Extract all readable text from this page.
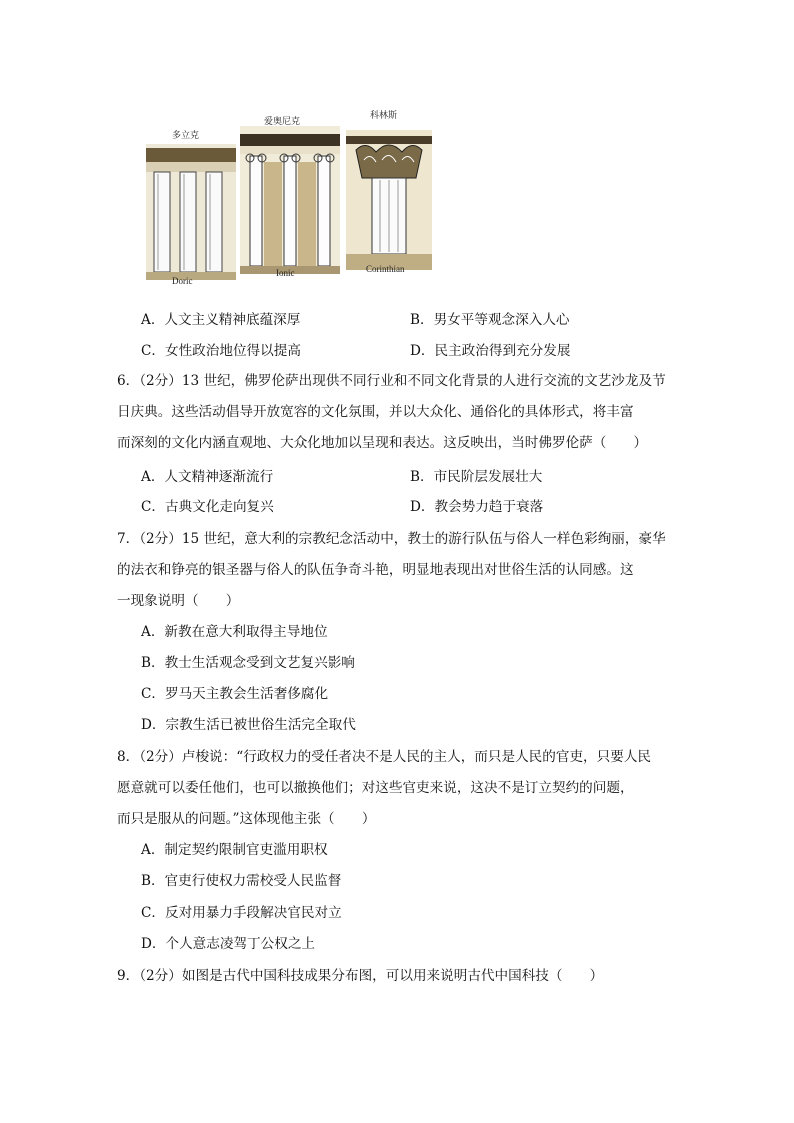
多立克
Doric
爱奥尼克
Ionic
科林斯
Corinthian
A．人文主义精神底蕴深厚	B．男女平等观念深入人心
C．女性政治地位得以提高	D．民主政治得到充分发展
6．（2分）13 世纪，佛罗伦萨出现供不同行业和不同文化背景的人进行交流的文艺沙龙及节
日庆典。这些活动倡导开放宽容的文化氛围，并以大众化、通俗化的具体形式，将丰富
而深刻的文化内涵直观地、大众化地加以呈现和表达。这反映出，当时佛罗伦萨（　　）
A．人文精神逐渐流行	B．市民阶层发展壮大
C．古典文化走向复兴	D．教会势力趋于衰落
7．（2分）15 世纪，意大利的宗教纪念活动中，教士的游行队伍与俗人一样色彩绚丽，豪华
的法衣和铮亮的银圣器与俗人的队伍争奇斗艳，明显地表现出对世俗生活的认同感。这
一现象说明（　　）
A．新教在意大利取得主导地位
B．教士生活观念受到文艺复兴影响
C．罗马天主教会生活奢侈腐化
D．宗教生活已被世俗生活完全取代
8．（2分）卢梭说：“行政权力的受任者决不是人民的主人，而只是人民的官吏，只要人民
愿意就可以委任他们，也可以撤换他们；对这些官吏来说，这决不是订立契约的问题，
而只是服从的问题。”这体现他主张（　　）
A．制定契约限制官吏滥用职权
B．官吏行使权力需校受人民监督
C．反对用暴力手段解决官民对立
D．个人意志凌驾丁公权之上
9．（2分）如图是古代中国科技成果分布图，可以用来说明古代中国科技（　　）
